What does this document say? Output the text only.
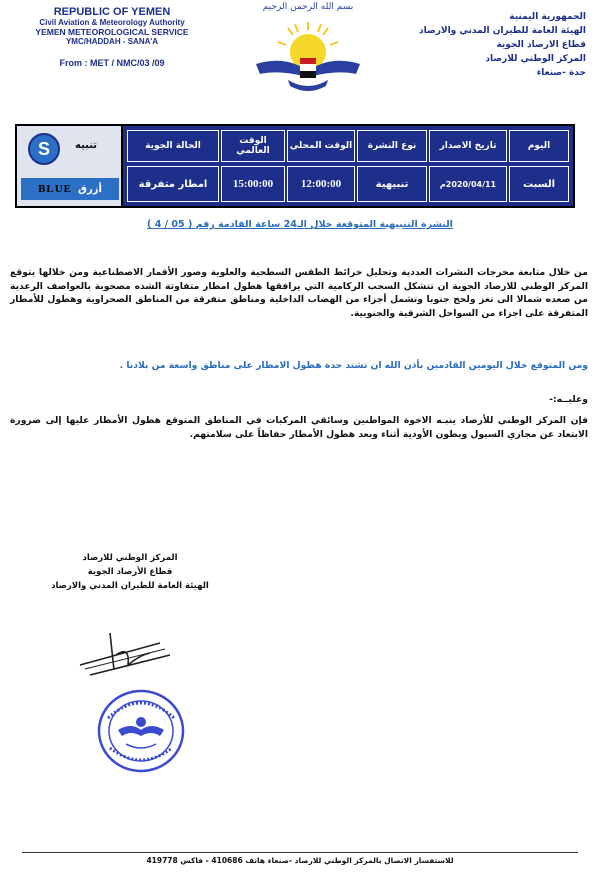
REPUBLIC OF YEMEN
Civil Aviation & Meteorology Authority
YEMEN METEOROLOGICAL SERVICE
YMC/HADDAH - SANA'A
From : MET / NMC/03 /09
بسم الله الرحمن الرحيم
الجمهورية اليمنية
الهيئة العامة للطيران المدني والارصاد
قطاع الارصاد الجوية
المركز الوطني للارصاد
حدة -صنعاء
اليوم
تاريخ الاصدار
نوع النشرة
الوقت المحلي
الوقت العالمي
الحالة الجوية
السبت
2020/04/11م
تنبيهية
12:00:00
15:00:00
امطار متفرقة
S تنبيه
BLUE أزرق
النشرة التنبيهية المتوقعة خلال الـ24 ساعة القادمة رقم ( 05 / 4 )
من خلال متابعة مخرجات النشرات العددية وتحليل خرائط الطقس السطحية والعلوية وصور الأقمار الاصطناعية ومن خلالها يتوقع المركز الوطني للارصاد الجوية ان تتشكل السحب الركامية التي يرافقها هطول امطار متفاوتة الشده مصحوبة بالعواصف الرعدية من صعده شمالا الى تعز ولحج جنوبا وتشمل أجزاء من الهضاب الداخلية ومناطق متفرقة من المناطق الصحراوية وهطول للأمطار المتفرقة على اجزاء من السواحل الشرقية والجنوبية.
ومن المتوقع خلال اليومين القادمين بأذن الله ان تشتد حدة هطول الامطار على مناطق واسعة من بلادنا .
وعليــه:-
فإن المركز الوطني للأرصاد ينبـه الاخوة المواطنين وسائقي المركبات في المناطق المتوقع هطول الأمطار عليها إلى ضرورة الابتعاد عن مجاري السيول وبطون الأودية أثناء وبعد هطول الأمطار حفاظاً على سلامتهم.
المركز الوطني للارصاد
قطاع الأرصاد الجوية
الهيئة العامة للطيران المدني والارصاد
للاستفسار الاتصال بالمركز الوطني للارصاد -صنعاء هاتف 410686 - فاكس 419778
